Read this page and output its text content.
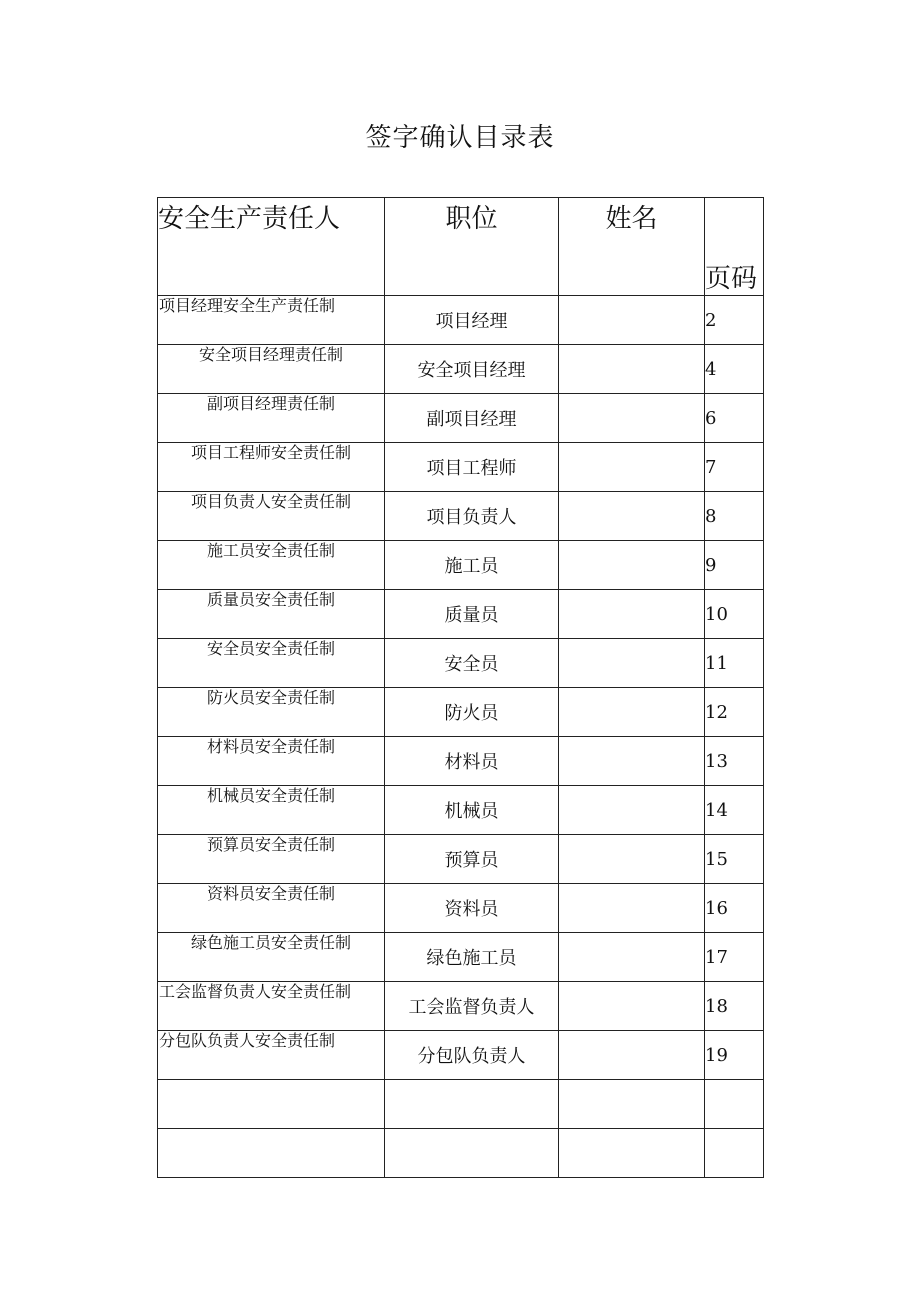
签字确认目录表
安全生产责任人	职位	姓名	页码
项目经理安全生产责任制	项目经理		2
安全项目经理责任制	安全项目经理		4
副项目经理责任制	副项目经理		6
项目工程师安全责任制	项目工程师		7
项目负责人安全责任制	项目负责人		8
施工员安全责任制	施工员		9
质量员安全责任制	质量员		10
安全员安全责任制	安全员		11
防火员安全责任制	防火员		12
材料员安全责任制	材料员		13
机械员安全责任制	机械员		14
预算员安全责任制	预算员		15
资料员安全责任制	资料员		16
绿色施工员安全责任制	绿色施工员		17
工会监督负责人安全责任制	工会监督负责人		18
分包队负责人安全责任制	分包队负责人		19
